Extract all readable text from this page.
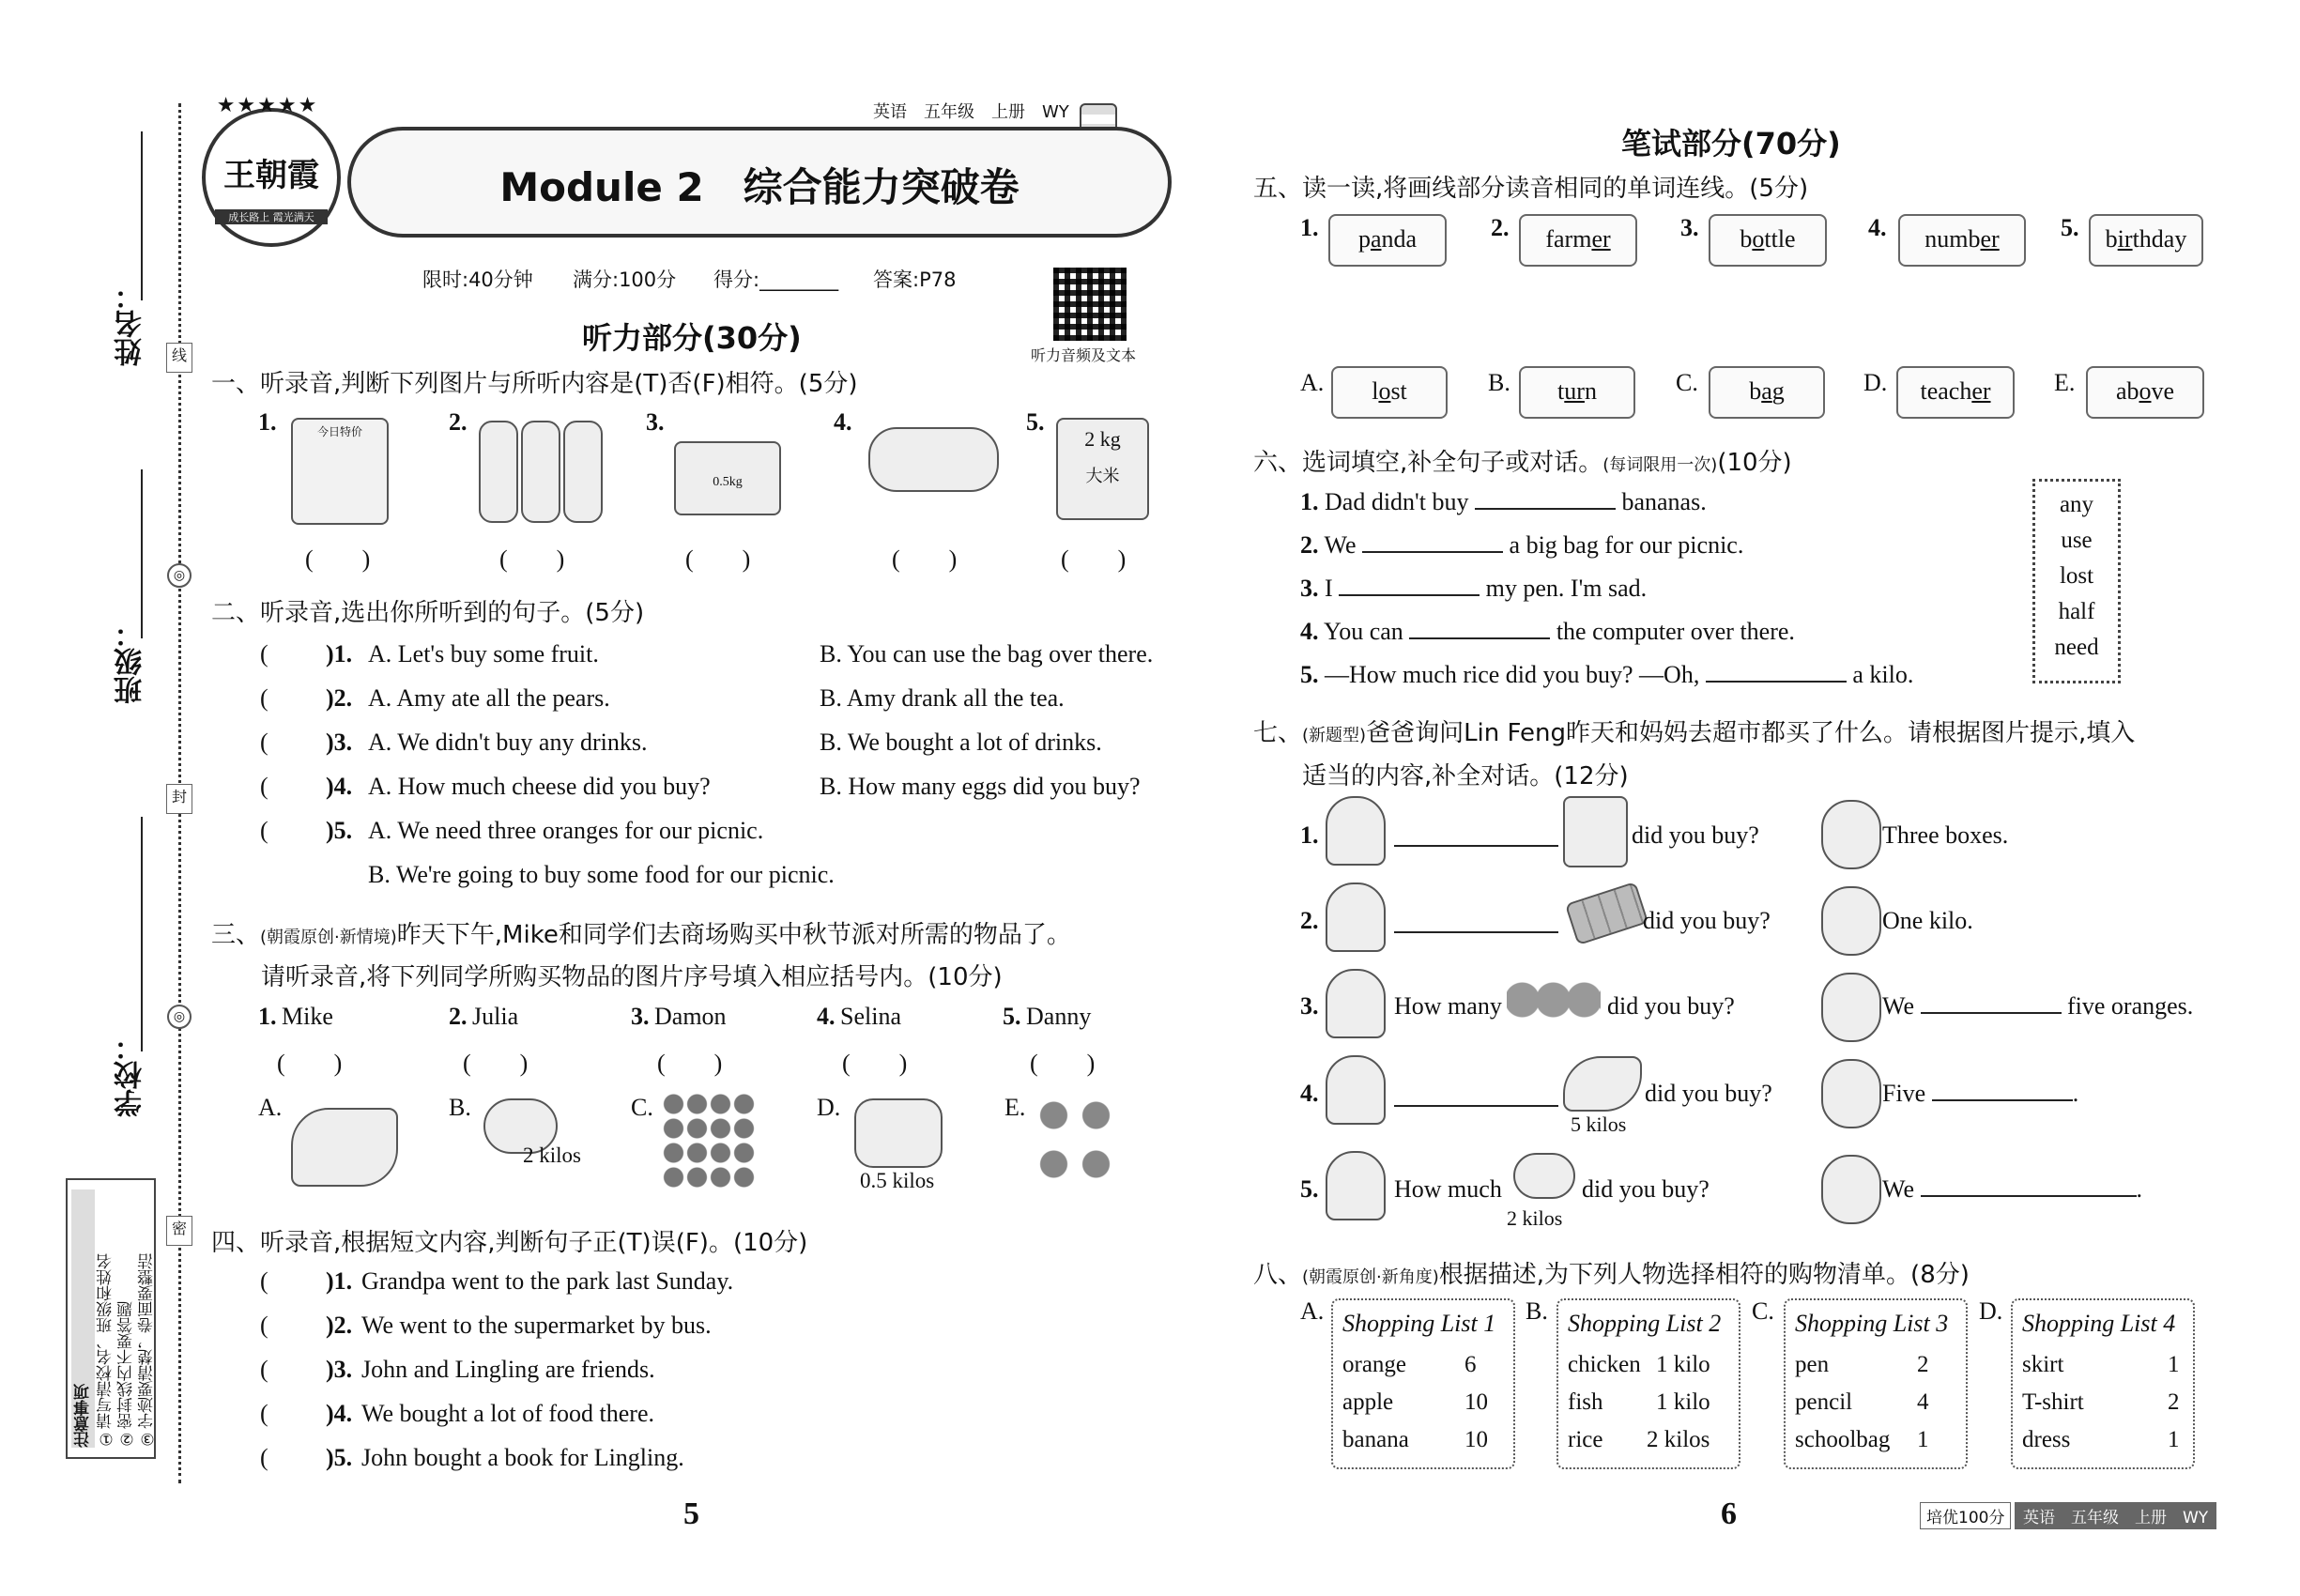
姓名：
班级：
学校：
线
◎
封
◎
密
注意事项 ①请写清校名、班级和姓名 ②密封线内不要答题 ③字迹要清楚，卷面要整洁
王朝霞
成长路上 霞光满天
★★★★★	英语　五年级　上册　WY
Module 2　综合能力突破卷
限时:40分钟 满分:100分 得分:________ 答案:P78
听力音频及文本
听力部分(30分)
一、听录音,判断下列图片与所听内容是(T)否(F)相符。(5分)
1.	今日特价	2.	3.
0.5kg
4.	5.
2 kg
大米
(　　)	(　　)	(　　)	(　　)	(　　)
二、听录音,选出你所听到的句子。(5分)
( )1. A. Let's buy some fruit.	B. You can use the bag over there.
( )2. A. Amy ate all the pears.	B. Amy drank all the tea.
( )3. A. We didn't buy any drinks.	B. We bought a lot of drinks.
( )4. A. How much cheese did you buy?	B. How many eggs did you buy?
( )5. A. We need three oranges for our picnic.
B. We're going to buy some food for our picnic.
三、(朝霞原创·新情境)昨天下午,Mike和同学们去商场购买中秋节派对所需的物品了。
请听录音,将下列同学所购买物品的图片序号填入相应括号内。(10分)
1. Mike	2. Julia	3. Damon	4. Selina	5. Danny
(　　)	(　　)	(　　)	(　　)	(　　)
A.	B.
2 kilos
C.	D.
0.5 kilos
E.
四、听录音,根据短文内容,判断句子正(T)误(F)。(10分)
( )1. Grandpa went to the park last Sunday.
( )2. We went to the supermarket by bus.
( )3. John and Lingling are friends.
( )4. We bought a lot of food there.
( )5. John bought a book for Lingling.
5
笔试部分(70分)
五、读一读,将画线部分读音相同的单词连线。(5分)
1.	panda	2.	farmer	3.	bottle	4.	number	5.	birthday
A.	lost	B.	turn	C.	bag	D.	teacher	E.	above
六、选词填空,补全句子或对话。(每词限用一次)(10分)
1. Dad didn't buy	bananas.
2. We	a big bag for our picnic.
3. I	my pen. I'm sad.
4. You can	the computer over there.
5. —How much rice did you buy? —Oh,	a kilo.
any
use
lost
half
need
七、(新题型)爸爸询问Lin Feng昨天和妈妈去超市都买了什么。请根据图片提示,填入
适当的内容,补全对话。(12分)
1.	did you buy?	Three boxes.
2.	did you buy?	One kilo.
3.	How many	did you buy?	We	five oranges.
4.
5 kilos
did you buy?	Five	.
5.	How much
2 kilos
did you buy?	We	.
八、(朝霞原创·新角度)根据描述,为下列人物选择相符的购物清单。(8分)
A. Shopping List 1
orange 6
apple	10
banana 10
B. Shopping List 2
chicken 1 kilo
fish 1 kilo
rice 2 kilos
C. Shopping List 3
pen	2
pencil	4
schoolbag 1
D. Shopping List 4
skirt	1
T-shirt	2
dress	1
6	培优100分	英语　五年级　上册　WY
